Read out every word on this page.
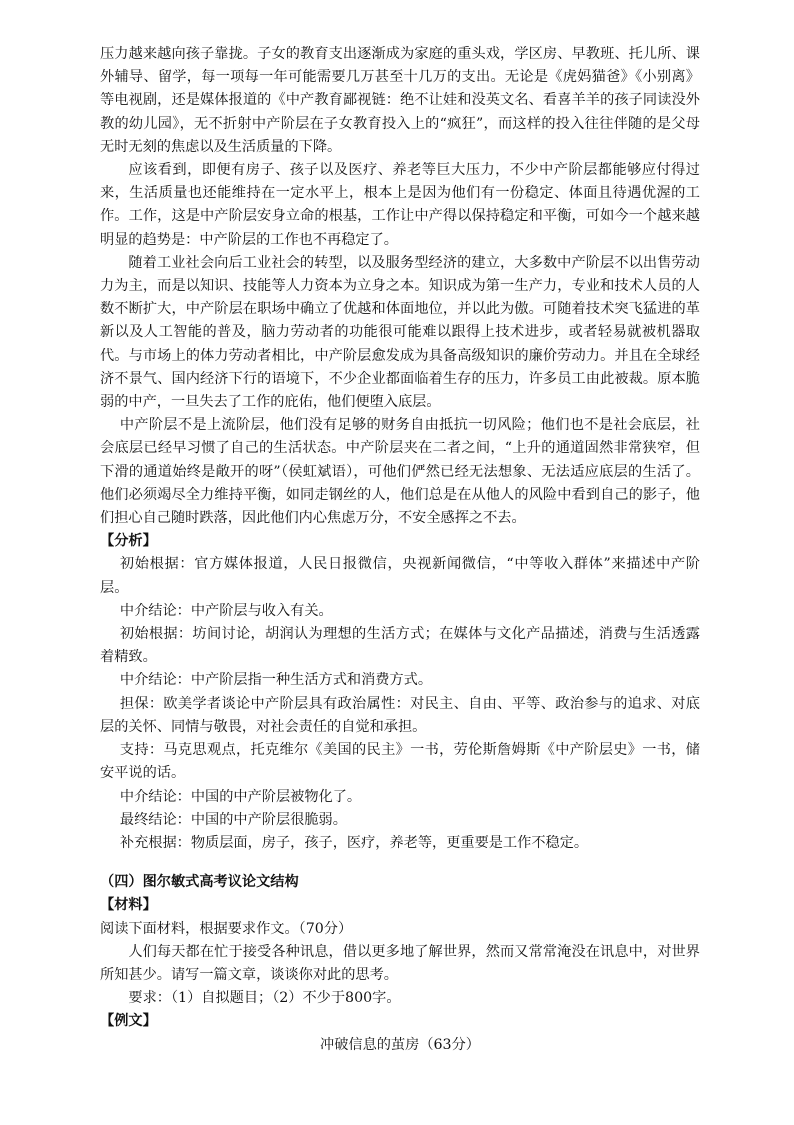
压力越来越向孩子靠拢。子女的教育支出逐渐成为家庭的重头戏，学区房、早教班、托儿所、课外辅导、留学，每一项每一年可能需要几万甚至十几万的支出。无论是《虎妈猫爸》《小别离》等电视剧，还是媒体报道的《中产教育鄙视链：绝不让娃和没英文名、看喜羊羊的孩子同读没外教的幼儿园》，无不折射中产阶层在子女教育投入上的“疯狂”，而这样的投入往往伴随的是父母无时无刻的焦虑以及生活质量的下降。

应该看到，即便有房子、孩子以及医疗、养老等巨大压力，不少中产阶层都能够应付得过来，生活质量也还能维持在一定水平上，根本上是因为他们有一份稳定、体面且待遇优渥的工作。工作，这是中产阶层安身立命的根基，工作让中产得以保持稳定和平衡，可如今一个越来越明显的趋势是：中产阶层的工作也不再稳定了。

随着工业社会向后工业社会的转型，以及服务型经济的建立，大多数中产阶层不以出售劳动力为主，而是以知识、技能等人力资本为立身之本。知识成为第一生产力，专业和技术人员的人数不断扩大，中产阶层在职场中确立了优越和体面地位，并以此为傲。可随着技术突飞猛进的革新以及人工智能的普及，脑力劳动者的功能很可能难以跟得上技术进步，或者轻易就被机器取代。与市场上的体力劳动者相比，中产阶层愈发成为具备高级知识的廉价劳动力。并且在全球经济不景气、国内经济下行的语境下，不少企业都面临着生存的压力，许多员工由此被裁。原本脆弱的中产，一旦失去了工作的庇佑，他们便堕入底层。

中产阶层不是上流阶层，他们没有足够的财务自由抵抗一切风险；他们也不是社会底层，社会底层已经早习惯了自己的生活状态。中产阶层夹在二者之间，“上升的通道固然非常狭窄，但下滑的通道始终是敞开的呀”（侯虹斌语），可他们俨然已经无法想象、无法适应底层的生活了。他们必须竭尽全力维持平衡，如同走钢丝的人，他们总是在从他人的风险中看到自己的影子，他们担心自己随时跌落，因此他们内心焦虑万分，不安全感挥之不去。

【分析】

初始根据：官方媒体报道，人民日报微信，央视新闻微信，“中等收入群体”来描述中产阶层。

中介结论：中产阶层与收入有关。

初始根据：坊间讨论，胡润认为理想的生活方式；在媒体与文化产品描述，消费与生活透露着精致。

中介结论：中产阶层指一种生活方式和消费方式。

担保：欧美学者谈论中产阶层具有政治属性：对民主、自由、平等、政治参与的追求、对底层的关怀、同情与敬畏，对社会责任的自觉和承担。

支持：马克思观点，托克维尔《美国的民主》一书，劳伦斯詹姆斯《中产阶层史》一书，储安平说的话。

中介结论：中国的中产阶层被物化了。

最终结论：中国的中产阶层很脆弱。

补充根据：物质层面，房子，孩子，医疗，养老等，更重要是工作不稳定。

（四）图尔敏式高考议论文结构

【材料】

阅读下面材料，根据要求作文。（70分）

人们每天都在忙于接受各种讯息，借以更多地了解世界，然而又常常淹没在讯息中，对世界所知甚少。请写一篇文章，谈谈你对此的思考。

要求：（1）自拟题目；（2）不少于800字。

【例文】

冲破信息的茧房（63分）
